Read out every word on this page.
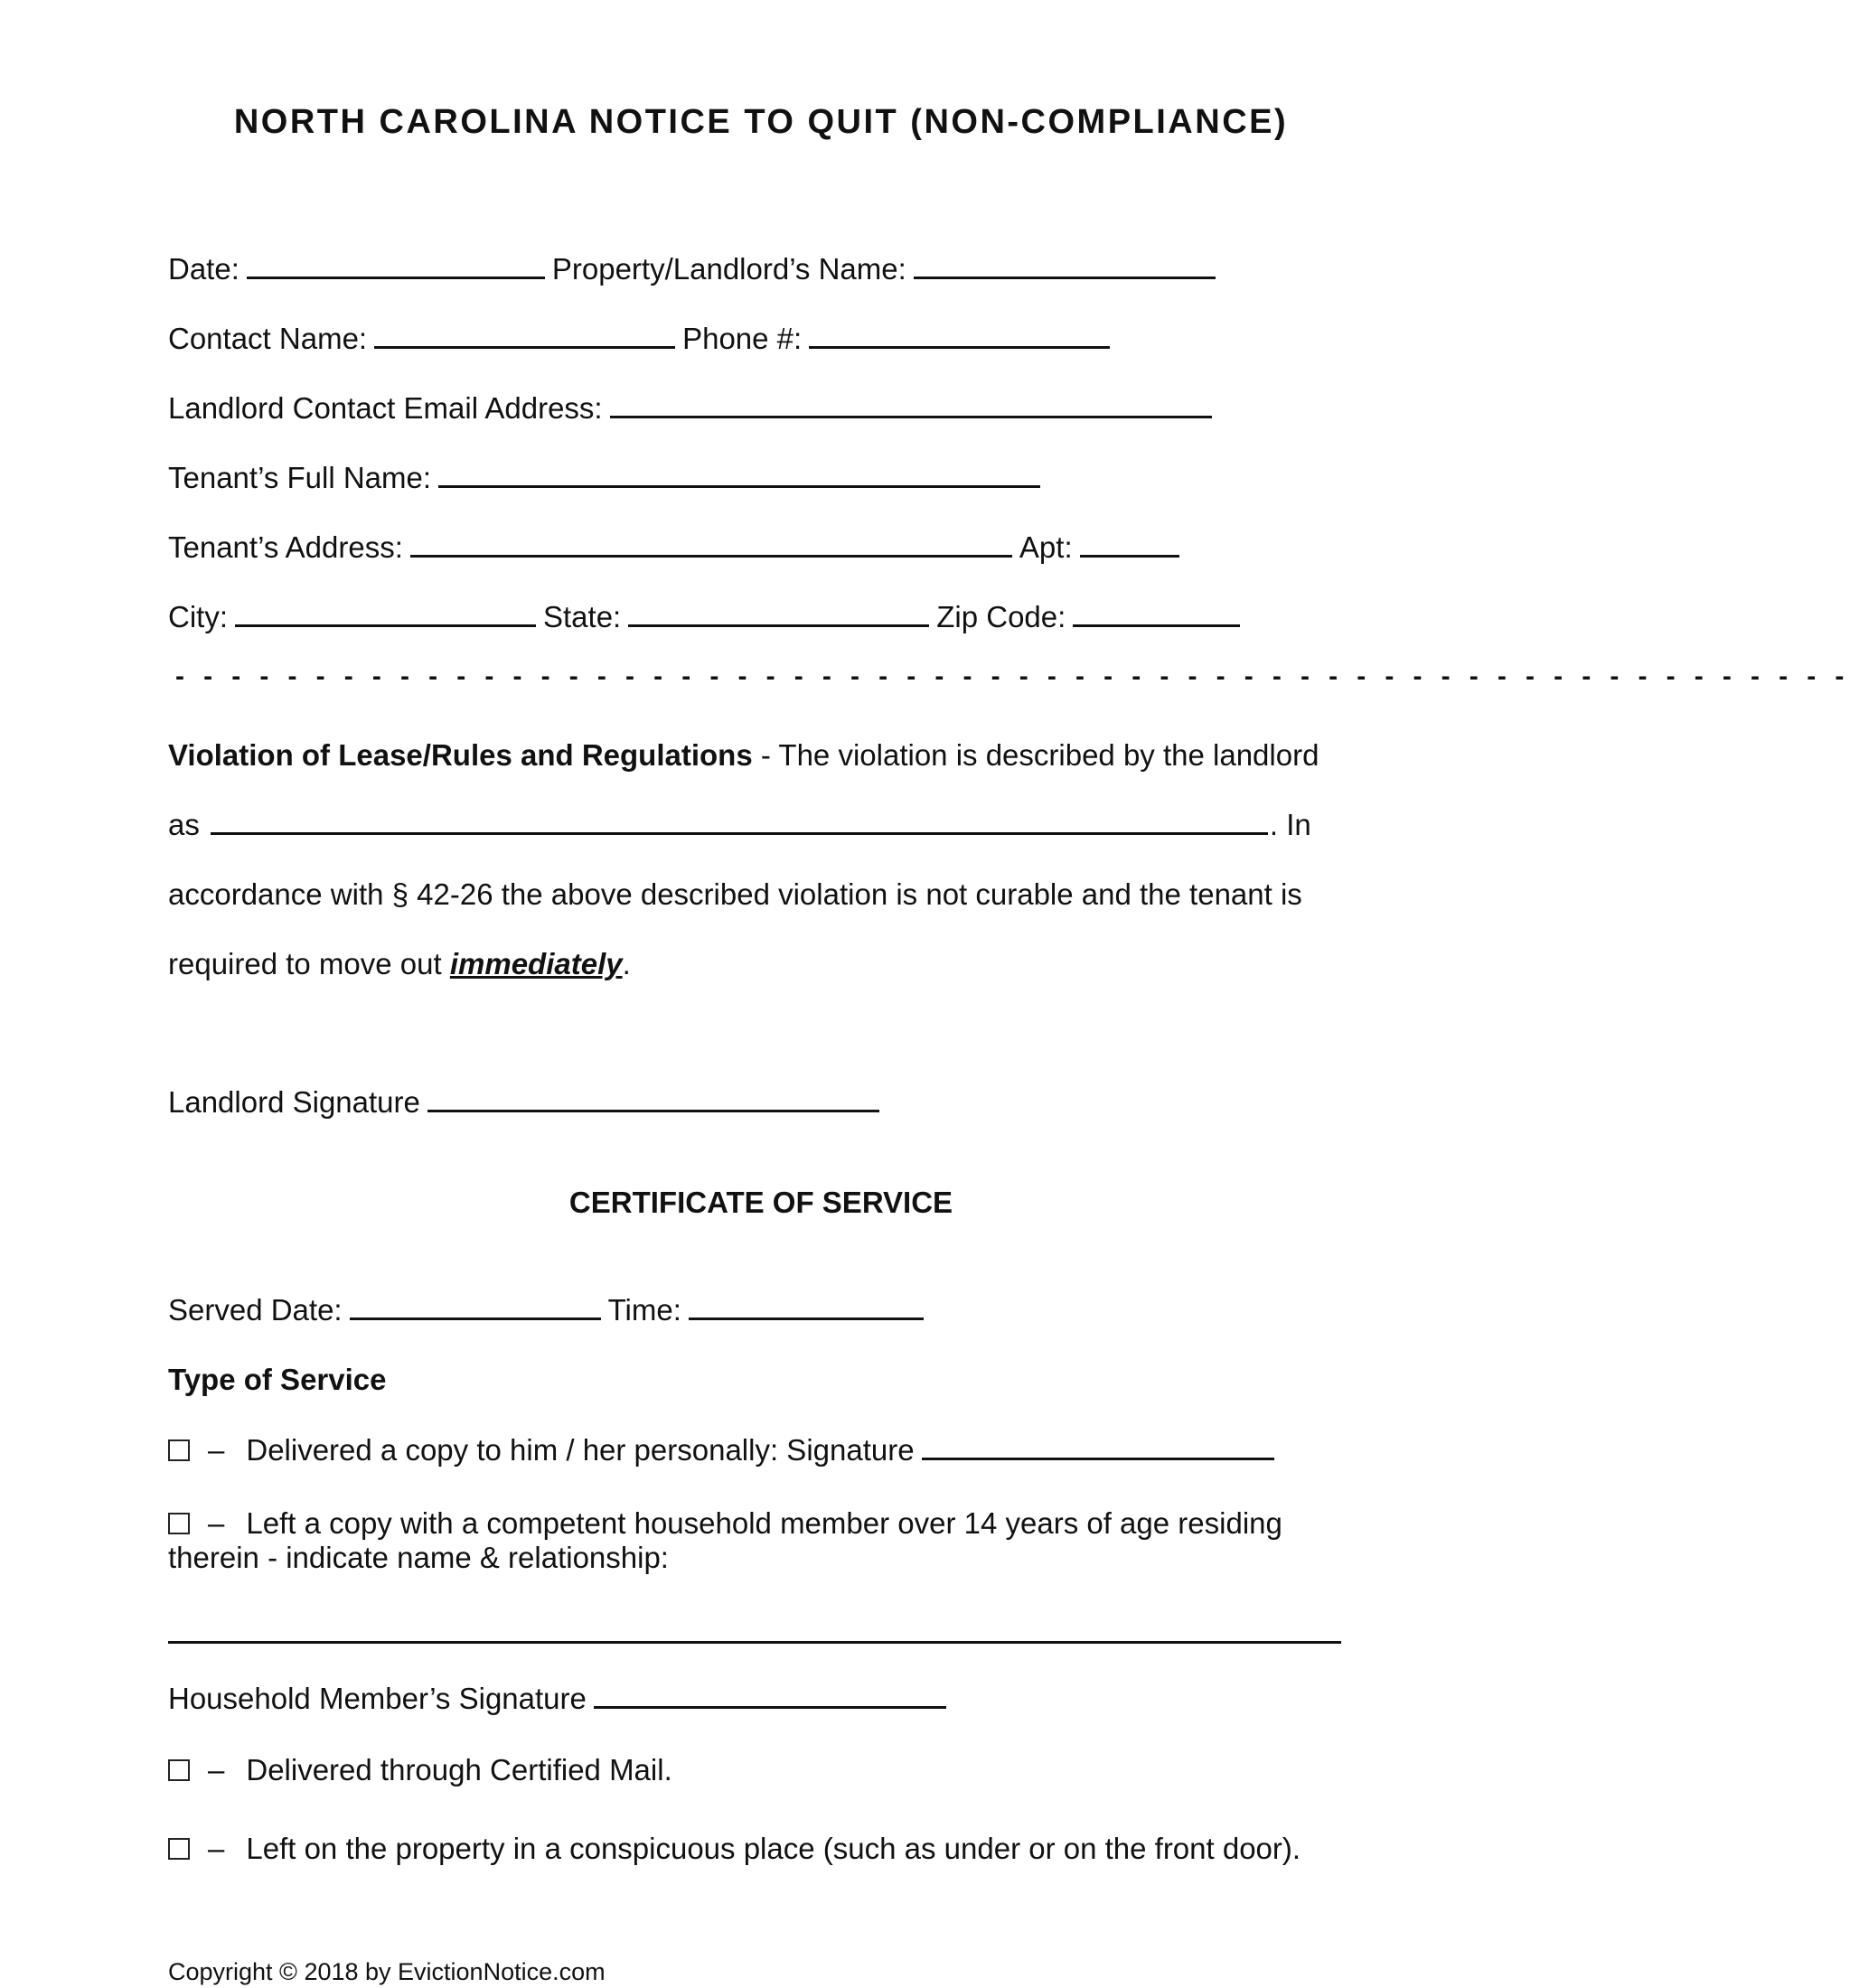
NORTH CAROLINA NOTICE TO QUIT (NON-COMPLIANCE)
Date:	Property/Landlord’s Name:
Contact Name:	Phone #:
Landlord Contact Email Address:
Tenant’s Full Name:
Tenant’s Address:	Apt:
City:	State:	Zip Code:
- - - - - - - - - - - - - - - - - - - - - - - - - - - - - - - - - - - - - - - - - - - - - - - - - - - - - - - - - - - -
Violation of Lease/Rules and Regulations - The violation is described by the landlord
as	. In
accordance with § 42-26 the above described violation is not curable and the tenant is
required to move out immediately.
Landlord Signature
CERTIFICATE OF SERVICE
Served Date:	Time:
Type of Service
– Delivered a copy to him / her personally: Signature
– Left a copy with a competent household member over 14 years of age residing
therein - indicate name & relationship:
Household Member’s Signature
– Delivered through Certified Mail.
– Left on the property in a conspicuous place (such as under or on the front door).
Copyright © 2018 by EvictionNotice.com
